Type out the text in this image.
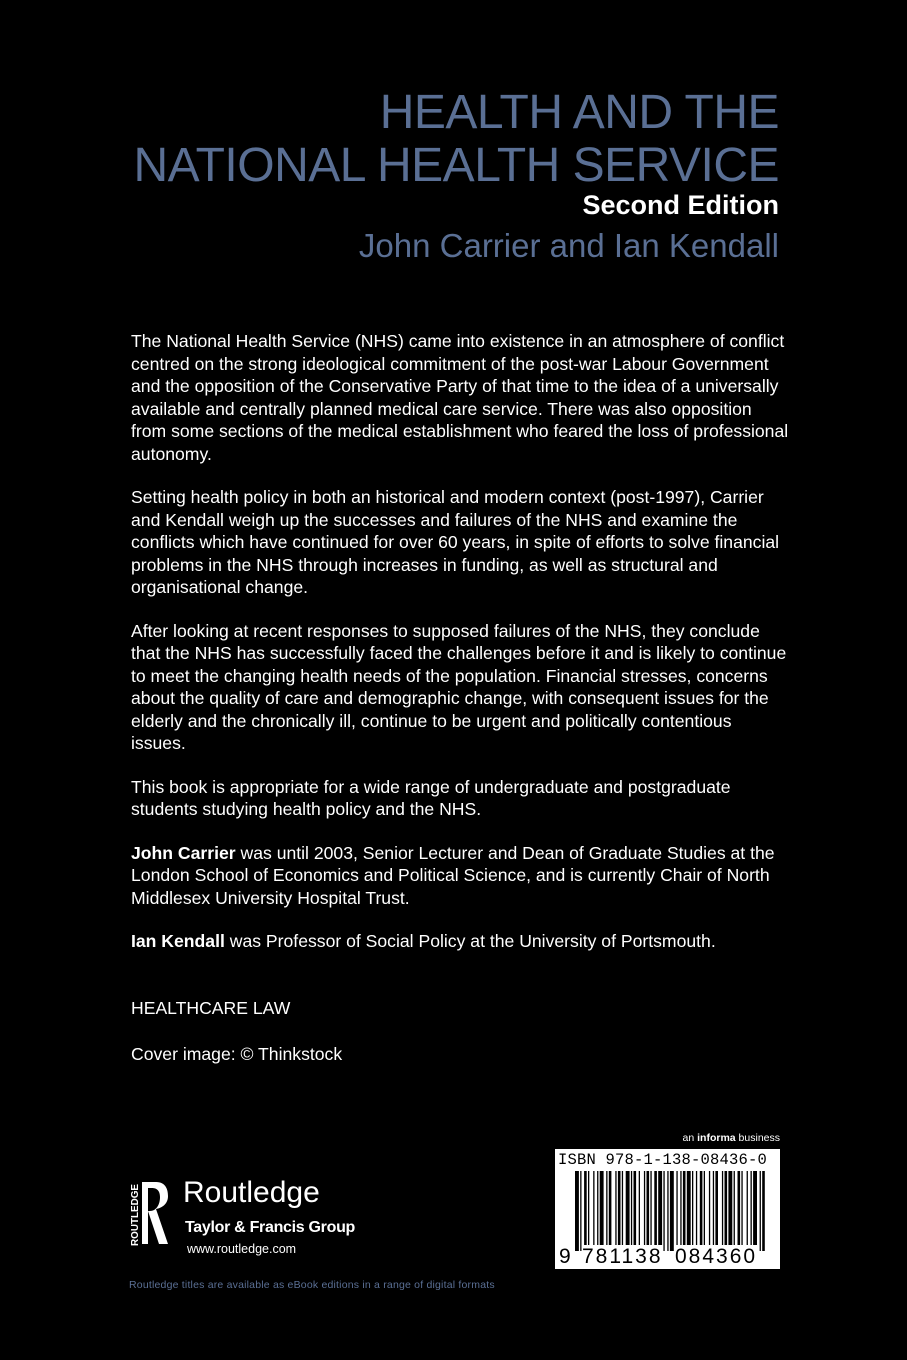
HEALTH AND THE
NATIONAL HEALTH SERVICE
Second Edition
John Carrier and Ian Kendall

The National Health Service (NHS) came into existence in an atmosphere of conflict centred on the strong ideological commitment of the post-war Labour Government and the opposition of the Conservative Party of that time to the idea of a universally available and centrally planned medical care service. There was also opposition from some sections of the medical establishment who feared the loss of professional autonomy.

Setting health policy in both an historical and modern context (post-1997), Carrier and Kendall weigh up the successes and failures of the NHS and examine the conflicts which have continued for over 60 years, in spite of efforts to solve financial problems in the NHS through increases in funding, as well as structural and organisational change.

After looking at recent responses to supposed failures of the NHS, they conclude that the NHS has successfully faced the challenges before it and is likely to continue to meet the changing health needs of the population. Financial stresses, concerns about the quality of care and demographic change, with consequent issues for the elderly and the chronically ill, continue to be urgent and politically contentious issues.

This book is appropriate for a wide range of undergraduate and postgraduate students studying health policy and the NHS.

John Carrier was until 2003, Senior Lecturer and Dean of Graduate Studies at the London School of Economics and Political Science, and is currently Chair of North Middlesex University Hospital Trust.

Ian Kendall was Professor of Social Policy at the University of Portsmouth.

HEALTHCARE LAW
Cover image: © Thinkstock
ROUTLEDGE Routledge
Taylor & Francis Group
www.routledge.com
an informa business
ISBN 978-1-138-08436-0
9 781138 084360
Routledge titles are available as eBook editions in a range of digital formats
